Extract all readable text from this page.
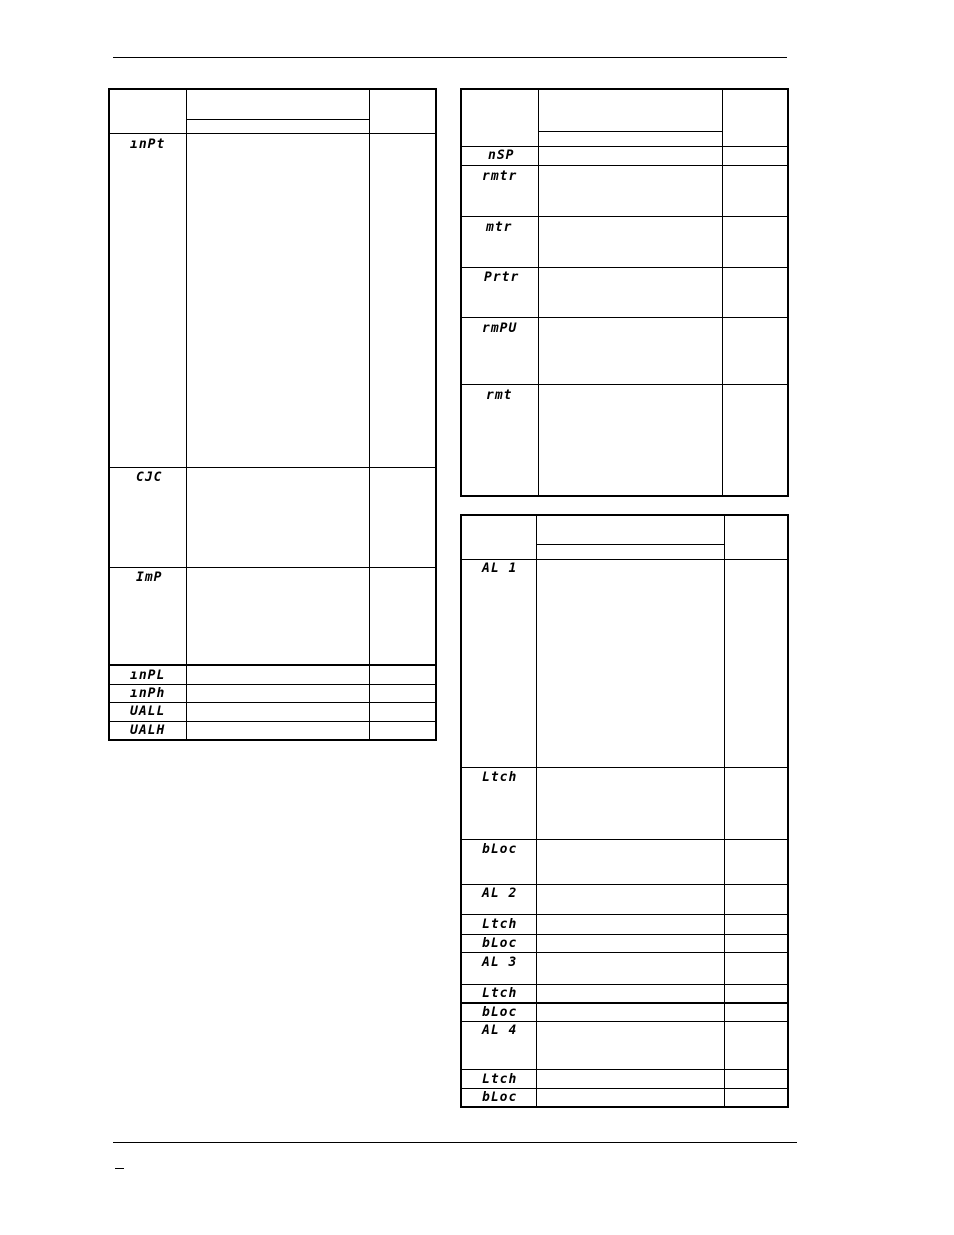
ınPt
CJC
ImP
ınPL
ınPh
UALL
UALH
nSP
rmtr
mtr
Prtr
rmPU
rmt
AL 1
Ltch
bLoc
AL 2
Ltch
bLoc
AL 3
Ltch
bLoc
AL 4
Ltch
bLoc
